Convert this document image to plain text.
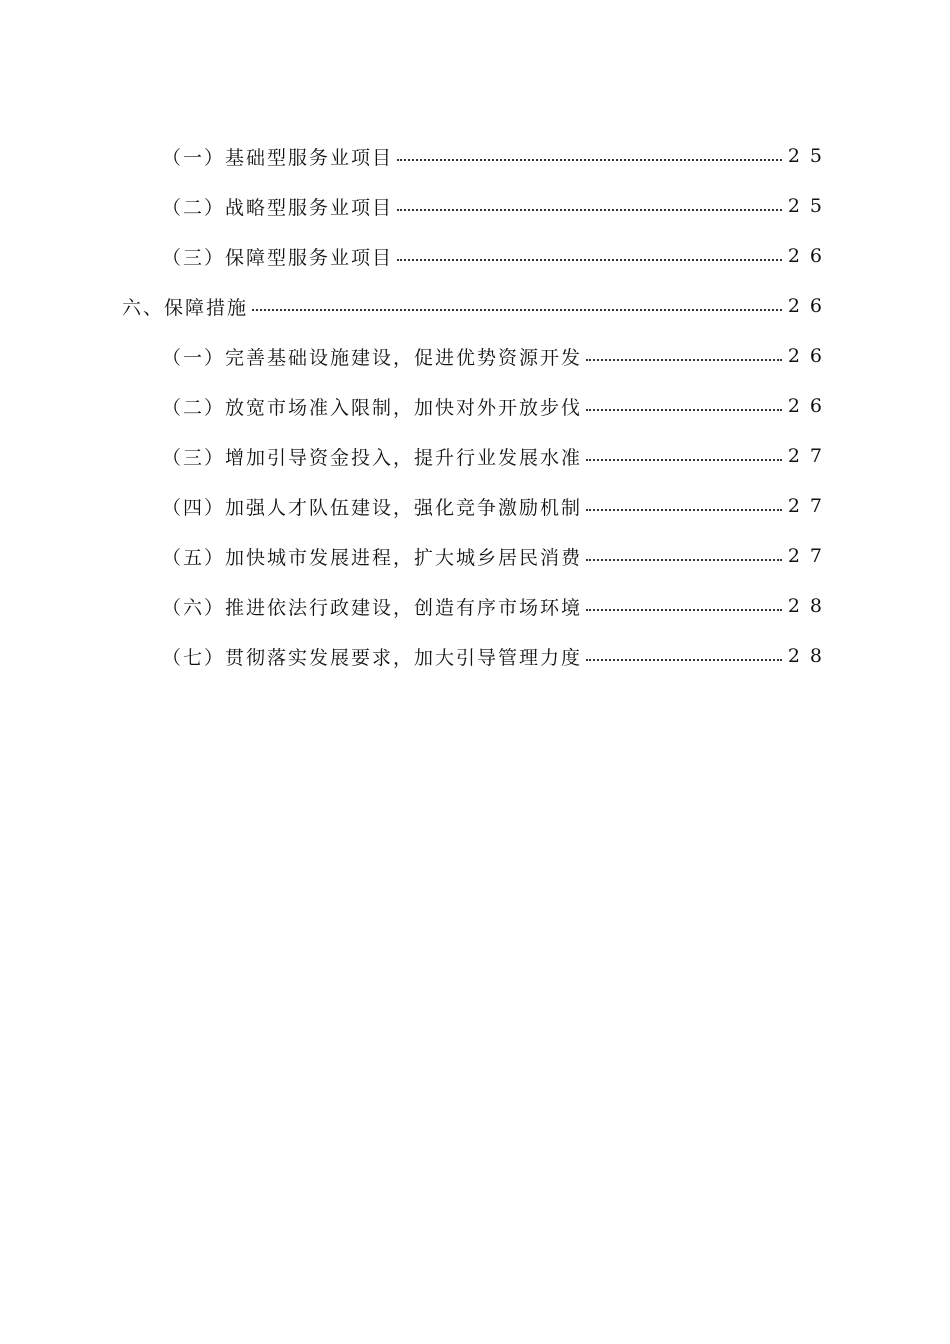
（一）基础型服务业项目	25
（二）战略型服务业项目	25
（三）保障型服务业项目	26
六、保障措施	26
（一）完善基础设施建设，促进优势资源开发	26
（二）放宽市场准入限制，加快对外开放步伐	26
（三）增加引导资金投入，提升行业发展水准	27
（四）加强人才队伍建设，强化竞争激励机制	27
（五）加快城市发展进程，扩大城乡居民消费	27
（六）推进依法行政建设，创造有序市场环境	28
（七）贯彻落实发展要求，加大引导管理力度	28
